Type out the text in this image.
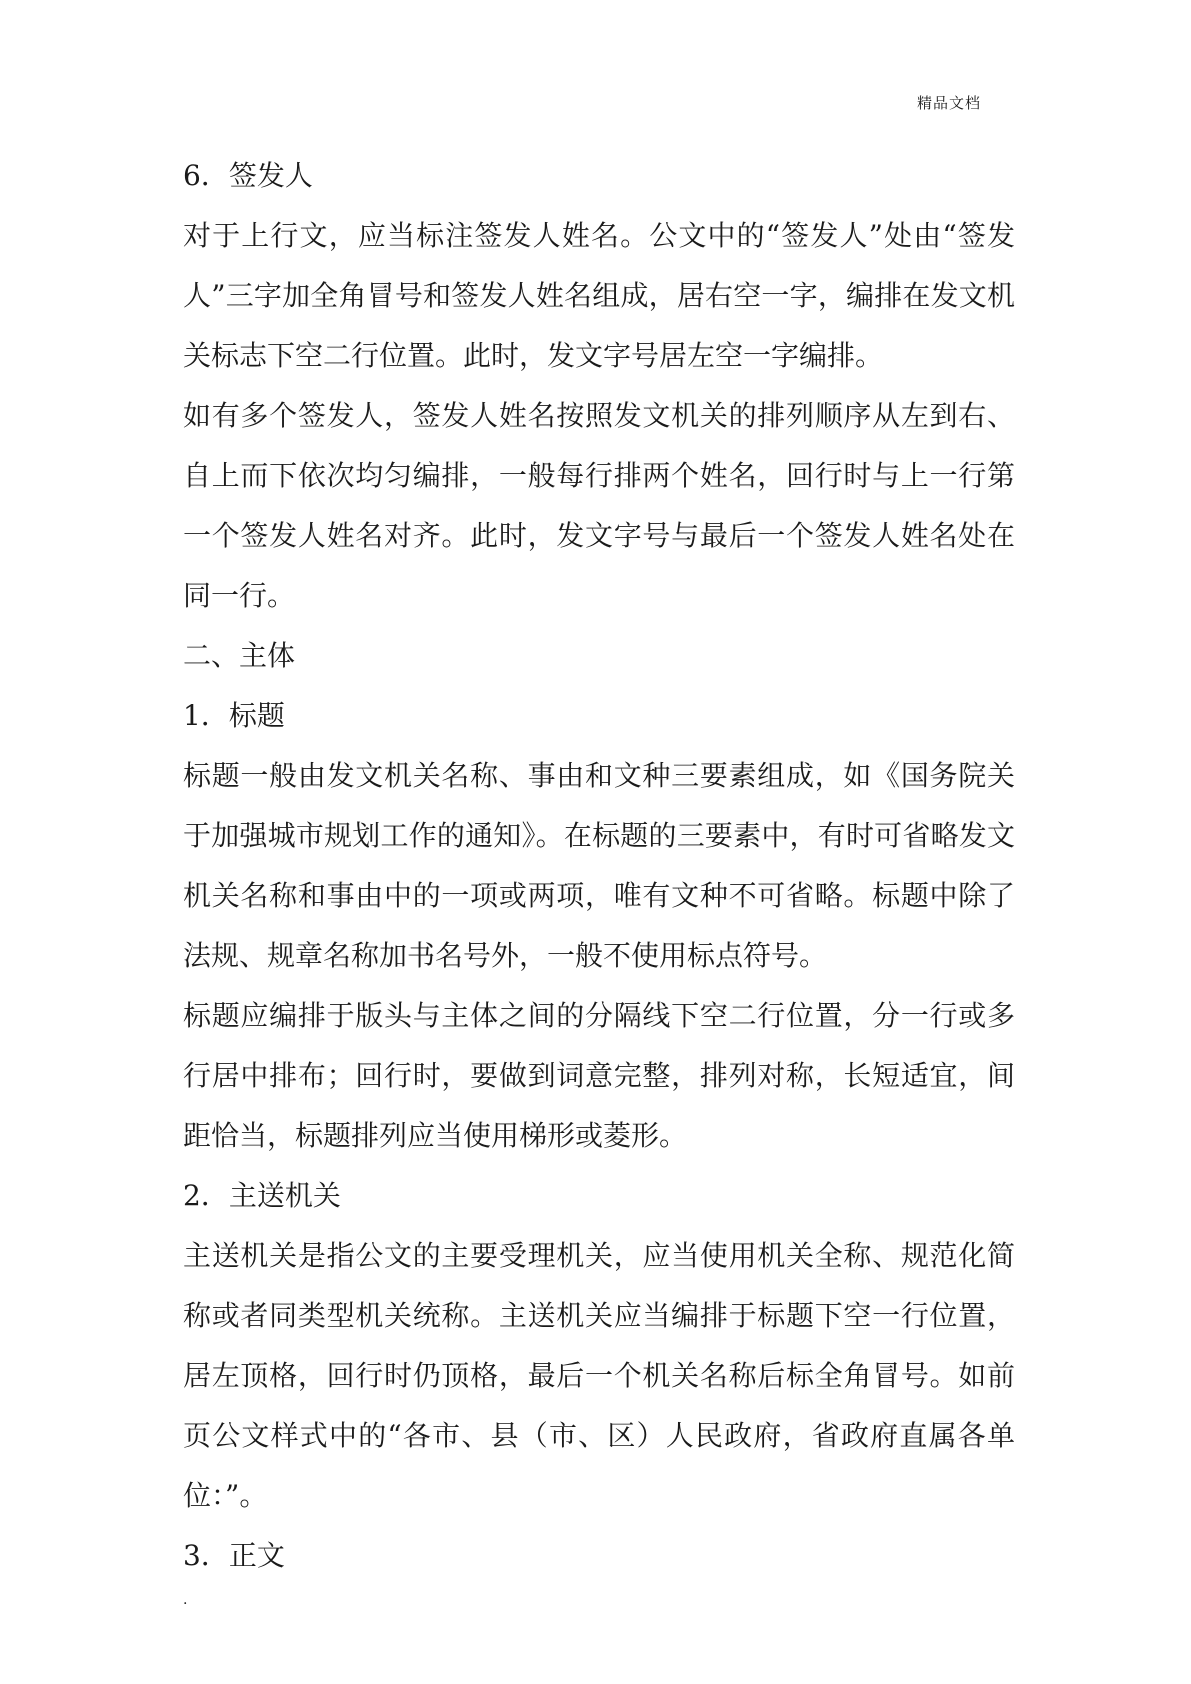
精品文档

6．签发人

对于上行文，应当标注签发人姓名。公文中的“签发人”处由“签发人”三字加全角冒号和签发人姓名组成，居右空一字，编排在发文机关标志下空二行位置。此时，发文字号居左空一字编排。

如有多个签发人，签发人姓名按照发文机关的排列顺序从左到右、自上而下依次均匀编排，一般每行排两个姓名，回行时与上一行第一个签发人姓名对齐。此时，发文字号与最后一个签发人姓名处在同一行。

二、主体

1．标题

标题一般由发文机关名称、事由和文种三要素组成，如《国务院关于加强城市规划工作的通知》。在标题的三要素中，有时可省略发文机关名称和事由中的一项或两项，唯有文种不可省略。标题中除了法规、规章名称加书名号外，一般不使用标点符号。

标题应编排于版头与主体之间的分隔线下空二行位置，分一行或多行居中排布；回行时，要做到词意完整，排列对称，长短适宜，间距恰当，标题排列应当使用梯形或菱形。

2．主送机关

主送机关是指公文的主要受理机关，应当使用机关全称、规范化简称或者同类型机关统称。主送机关应当编排于标题下空一行位置，居左顶格，回行时仍顶格，最后一个机关名称后标全角冒号。如前页公文样式中的“各市、县（市、区）人民政府，省政府直属各单位：”。

3．正文

.
